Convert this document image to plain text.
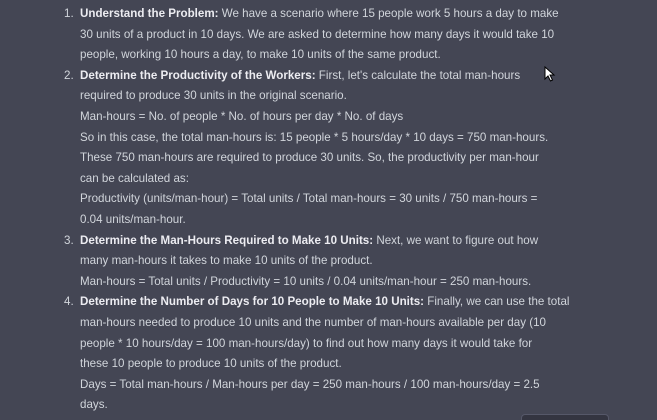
1. Understand the Problem: We have a scenario where 15 people work 5 hours a day to make
30 units of a product in 10 days. We are asked to determine how many days it would take 10
people, working 10 hours a day, to make 10 units of the same product.
2. Determine the Productivity of the Workers: First, let's calculate the total man-hours
required to produce 30 units in the original scenario.
Man-hours = No. of people * No. of hours per day * No. of days
So in this case, the total man-hours is: 15 people * 5 hours/day * 10 days = 750 man-hours.
These 750 man-hours are required to produce 30 units. So, the productivity per man-hour
can be calculated as:
Productivity (units/man-hour) = Total units / Total man-hours = 30 units / 750 man-hours =
0.04 units/man-hour.
3. Determine the Man-Hours Required to Make 10 Units: Next, we want to figure out how
many man-hours it takes to make 10 units of the product.
Man-hours = Total units / Productivity = 10 units / 0.04 units/man-hour = 250 man-hours.
4. Determine the Number of Days for 10 People to Make 10 Units: Finally, we can use the total
man-hours needed to produce 10 units and the number of man-hours available per day (10
people * 10 hours/day = 100 man-hours/day) to find out how many days it would take for
these 10 people to produce 10 units of the product.
Days = Total man-hours / Man-hours per day = 250 man-hours / 100 man-hours/day = 2.5
days.
